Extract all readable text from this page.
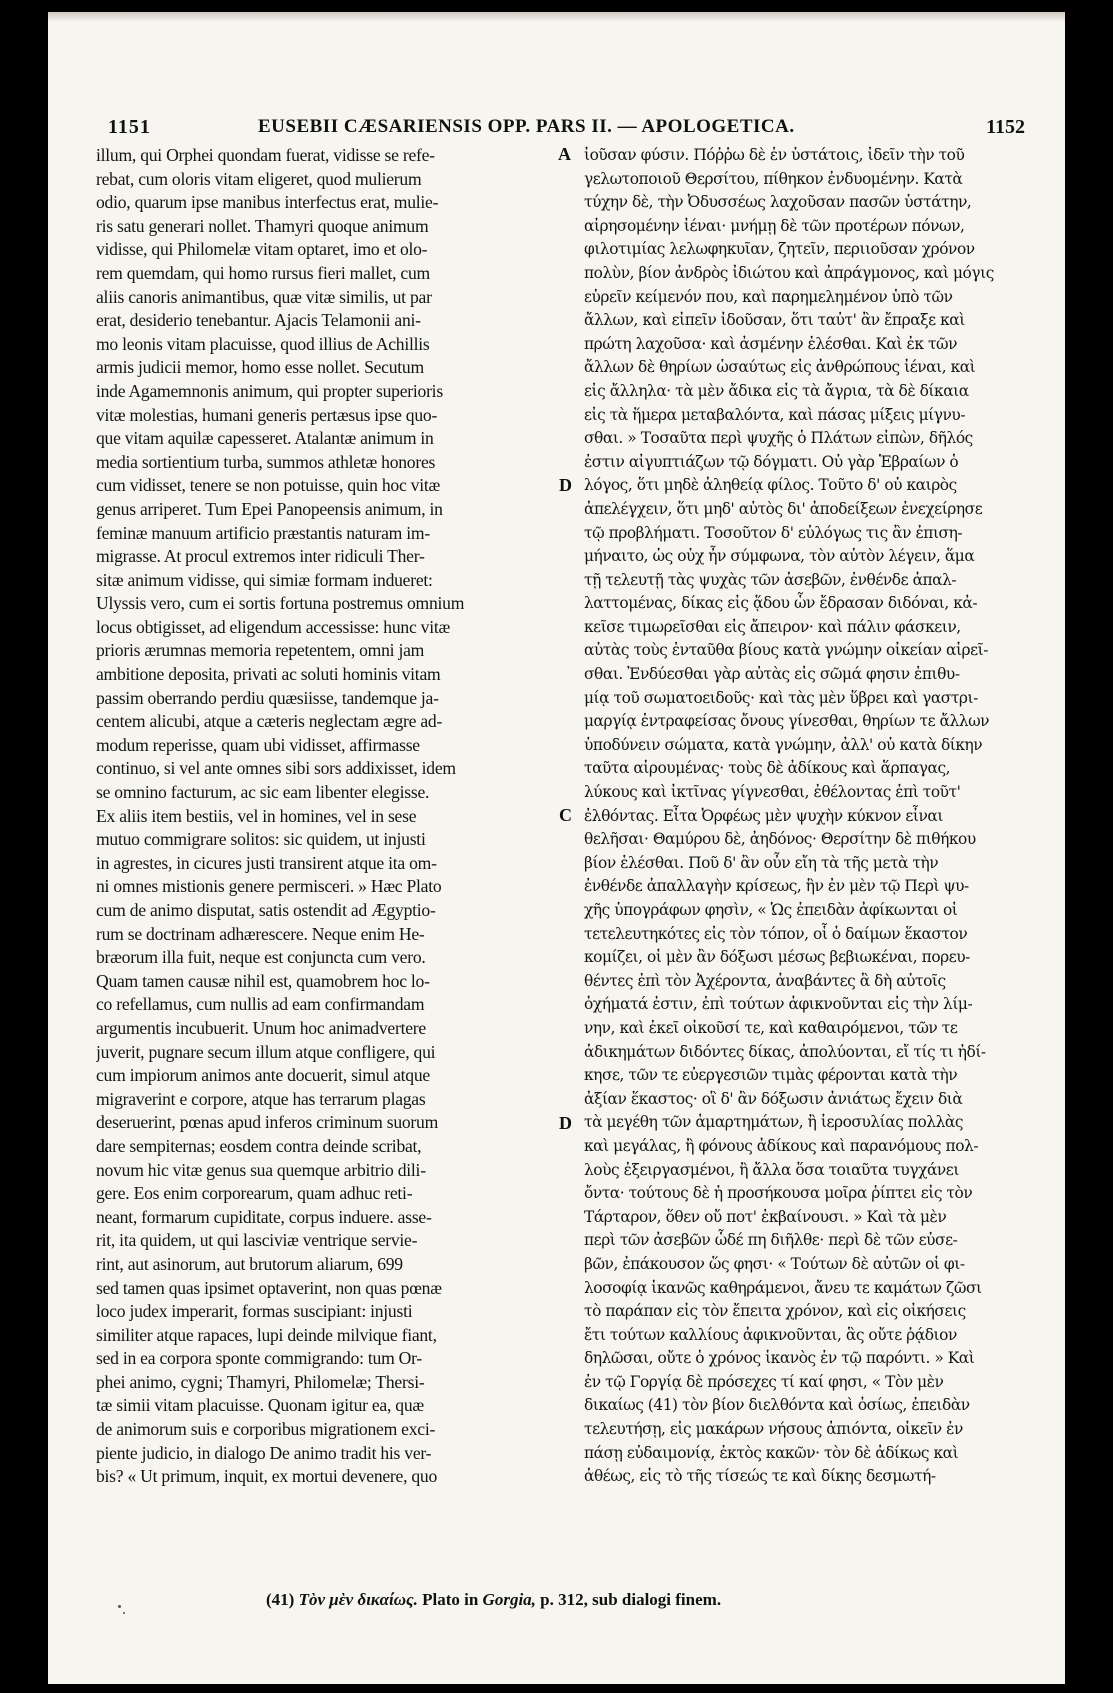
1151	EUSEBII CÆSARIENSIS OPP. PARS II. — APOLOGETICA.	1152
illum, qui Orphei quondam fuerat, vidisse se refe-
rebat, cum oloris vitam eligeret, quod mulierum
odio, quarum ipse manibus interfectus erat, mulie-
ris satu generari nollet. Thamyri quoque animum
vidisse, qui Philomelæ vitam optaret, imo et olo-
rem quemdam, qui homo rursus fieri mallet, cum
aliis canoris animantibus, quæ vitæ similis, ut par
erat, desiderio tenebantur. Ajacis Telamonii ani-
mo leonis vitam placuisse, quod illius de Achillis
armis judicii memor, homo esse nollet. Secutum
inde Agamemnonis animum, qui propter superioris
vitæ molestias, humani generis pertæsus ipse quo-
que vitam aquilæ capesseret. Atalantæ animum in
media sortientium turba, summos athletæ honores
cum vidisset, tenere se non potuisse, quin hoc vitæ
genus arriperet. Tum Epei Panopeensis animum, in
feminæ manuum artificio præstantis naturam im-
migrasse. At procul extremos inter ridiculi Ther-
sitæ animum vidisse, qui simiæ formam indueret:
Ulyssis vero, cum ei sortis fortuna postremus omnium
locus obtigisset, ad eligendum accessisse: hunc vitæ
prioris ærumnas memoria repetentem, omni jam
ambitione deposita, privati ac soluti hominis vitam
passim oberrando perdiu quæsiisse, tandemque ja-
centem alicubi, atque a cæteris neglectam ægre ad-
modum reperisse, quam ubi vidisset, affirmasse
continuo, si vel ante omnes sibi sors addixisset, idem
se omnino facturum, ac sic eam libenter elegisse.
Ex aliis item bestiis, vel in homines, vel in sese
mutuo commigrare solitos: sic quidem, ut injusti
in agrestes, in cicures justi transirent atque ita om-
ni omnes mistionis genere permisceri. » Hæc Plato
cum de animo disputat, satis ostendit ad Ægyptio-
rum se doctrinam adhærescere. Neque enim He-
bræorum illa fuit, neque est conjuncta cum vero.
Quam tamen causæ nihil est, quamobrem hoc lo-
co refellamus, cum nullis ad eam confirmandam
argumentis incubuerit. Unum hoc animadvertere
juverit, pugnare secum illum atque confligere, qui
cum impiorum animos ante docuerit, simul atque
migraverint e corpore, atque has terrarum plagas
deseruerint, pœnas apud inferos criminum suorum
dare sempiternas; eosdem contra deinde scribat,
novum hic vitæ genus sua quemque arbitrio dili-
gere. Eos enim corporearum, quam adhuc reti-
neant, formarum cupiditate, corpus induere. asse-
rit, ita quidem, ut qui lasciviæ ventrique servie-
rint, aut asinorum, aut brutorum aliarum, 699
sed tamen quas ipsimet optaverint, non quas pœnæ
loco judex imperarit, formas suscipiant: injusti
similiter atque rapaces, lupi deinde milvique fiant,
sed in ea corpora sponte commigrando: tum Or-
phei animo, cygni; Thamyri, Philomelæ; Thersi-
tæ simii vitam placuisse. Quonam igitur ea, quæ
de animorum suis e corporibus migrationem exci-
piente judicio, in dialogo De animo tradit his ver-
bis? « Ut primum, inquit, ex mortui devenere, quo
ἰοῦσαν φύσιν. Πόῤῥω δὲ ἐν ὑστάτοις, ἰδεῖν τὴν τοῦ
γελωτοποιοῦ Θερσίτου, πίθηκον ἐνδυομένην. Κατὰ
τύχην δὲ, τὴν Ὀδυσσέως λαχοῦσαν πασῶν ὑστάτην,
αἱρησομένην ἰέναι· μνήμῃ δὲ τῶν προτέρων πόνων,
φιλοτιμίας λελωφηκυῖαν, ζητεῖν, περιιοῦσαν χρόνον
πολὺν, βίον ἀνδρὸς ἰδιώτου καὶ ἀπράγμονος, καὶ μόγις
εὑρεῖν κείμενόν που, καὶ παρημελημένον ὑπὸ τῶν
ἄλλων, καὶ εἰπεῖν ἰδοῦσαν, ὅτι ταὐτ' ἂν ἔπραξε καὶ
πρώτη λαχοῦσα· καὶ ἀσμένην ἑλέσθαι. Καὶ ἐκ τῶν
ἄλλων δὲ θηρίων ὡσαύτως εἰς ἀνθρώπους ἰέναι, καὶ
εἰς ἄλληλα· τὰ μὲν ἄδικα εἰς τὰ ἄγρια, τὰ δὲ δίκαια
εἰς τὰ ἥμερα μεταβαλόντα, καὶ πάσας μίξεις μίγνυ-
σθαι. » Τοσαῦτα περὶ ψυχῆς ὁ Πλάτων εἰπὼν, δῆλός
ἐστιν αἰγυπτιάζων τῷ δόγματι. Οὐ γὰρ Ἑβραίων ὁ
λόγος, ὅτι μηδὲ ἀληθείᾳ φίλος. Τοῦτο δ' οὐ καιρὸς
ἀπελέγχειν, ὅτι μηδ' αὐτὸς δι' ἀποδείξεων ἐνεχείρησε
τῷ προβλήματι. Τοσοῦτον δ' εὐλόγως τις ἂν ἐπιση-
μήναιτο, ὡς οὐχ ἦν σύμφωνα, τὸν αὐτὸν λέγειν, ἅμα
τῇ τελευτῇ τὰς ψυχὰς τῶν ἀσεβῶν, ἐνθένδε ἀπαλ-
λαττομένας, δίκας εἰς ᾅδου ὧν ἔδρασαν διδόναι, κἀ-
κεῖσε τιμωρεῖσθαι εἰς ἄπειρον· καὶ πάλιν φάσκειν,
αὐτὰς τοὺς ἐνταῦθα βίους κατὰ γνώμην οἰκείαν αἱρεῖ-
σθαι. Ἐνδύεσθαι γὰρ αὐτὰς εἰς σῶμά φησιν ἐπιθυ-
μίᾳ τοῦ σωματοειδοῦς· καὶ τὰς μὲν ὕβρει καὶ γαστρι-
μαργίᾳ ἐντραφείσας ὄνους γίνεσθαι, θηρίων τε ἄλλων
ὑποδύνειν σώματα, κατὰ γνώμην, ἀλλ' οὐ κατὰ δίκην
ταῦτα αἱρουμένας· τοὺς δὲ ἀδίκους καὶ ἅρπαγας,
λύκους καὶ ἰκτῖνας γίγνεσθαι, ἐθέλοντας ἐπὶ τοῦτ'
ἐλθόντας. Εἶτα Ὀρφέως μὲν ψυχὴν κύκνον εἶναι
θελῆσαι· Θαμύρου δὲ, ἀηδόνος· Θερσίτην δὲ πιθήκου
βίον ἑλέσθαι. Ποῦ δ' ἂν οὖν εἴη τὰ τῆς μετὰ τὴν
ἐνθένδε ἀπαλλαγὴν κρίσεως, ἣν ἐν μὲν τῷ Περὶ ψυ-
χῆς ὑπογράφων φησὶν, « Ὡς ἐπειδὰν ἀφίκωνται οἱ
τετελευτηκότες εἰς τὸν τόπον, οἷ ὁ δαίμων ἕκαστον
κομίζει, οἱ μὲν ἂν δόξωσι μέσως βεβιωκέναι, πορευ-
θέντες ἐπὶ τὸν Ἀχέροντα, ἀναβάντες ἃ δὴ αὐτοῖς
ὀχήματά ἐστιν, ἐπὶ τούτων ἀφικνοῦνται εἰς τὴν λίμ-
νην, καὶ ἐκεῖ οἰκοῦσί τε, καὶ καθαιρόμενοι, τῶν τε
ἀδικημάτων διδόντες δίκας, ἀπολύονται, εἴ τίς τι ἠδί-
κησε, τῶν τε εὐεργεσιῶν τιμὰς φέρονται κατὰ τὴν
ἀξίαν ἕκαστος· οἳ δ' ἂν δόξωσιν ἀνιάτως ἔχειν διὰ
τὰ μεγέθη τῶν ἁμαρτημάτων, ἢ ἱεροσυλίας πολλὰς
καὶ μεγάλας, ἢ φόνους ἀδίκους καὶ παρανόμους πολ-
λοὺς ἐξειργασμένοι, ἢ ἄλλα ὅσα τοιαῦτα τυγχάνει
ὄντα· τούτους δὲ ἡ προσήκουσα μοῖρα ῥίπτει εἰς τὸν
Τάρταρον, ὅθεν οὔ ποτ' ἐκβαίνουσι. » Καὶ τὰ μὲν
περὶ τῶν ἀσεβῶν ὧδέ πη διῆλθε· περὶ δὲ τῶν εὐσε-
βῶν, ἐπάκουσον ὥς φησι· « Τούτων δὲ αὐτῶν οἱ φι-
λοσοφίᾳ ἱκανῶς καθηράμενοι, ἄνευ τε καμάτων ζῶσι
τὸ παράπαν εἰς τὸν ἔπειτα χρόνον, καὶ εἰς οἰκήσεις
ἔτι τούτων καλλίους ἀφικνοῦνται, ἃς οὔτε ῥᾴδιον
δηλῶσαι, οὔτε ὁ χρόνος ἱκανὸς ἐν τῷ παρόντι. » Καὶ
ἐν τῷ Γοργίᾳ δὲ πρόσεχες τί καί φησι, « Τὸν μὲν
δικαίως (41) τὸν βίον διελθόντα καὶ ὁσίως, ἐπειδὰν
τελευτήσῃ, εἰς μακάρων νήσους ἀπιόντα, οἰκεῖν ἐν
πάσῃ εὐδαιμονίᾳ, ἐκτὸς κακῶν· τὸν δὲ ἀδίκως καὶ
ἀθέως, εἰς τὸ τῆς τίσεώς τε καὶ δίκης δεσμωτή-
A
D
C
D
(41) Τὸν μὲν δικαίως. Plato in Gorgia, p. 312, sub dialogi finem.
